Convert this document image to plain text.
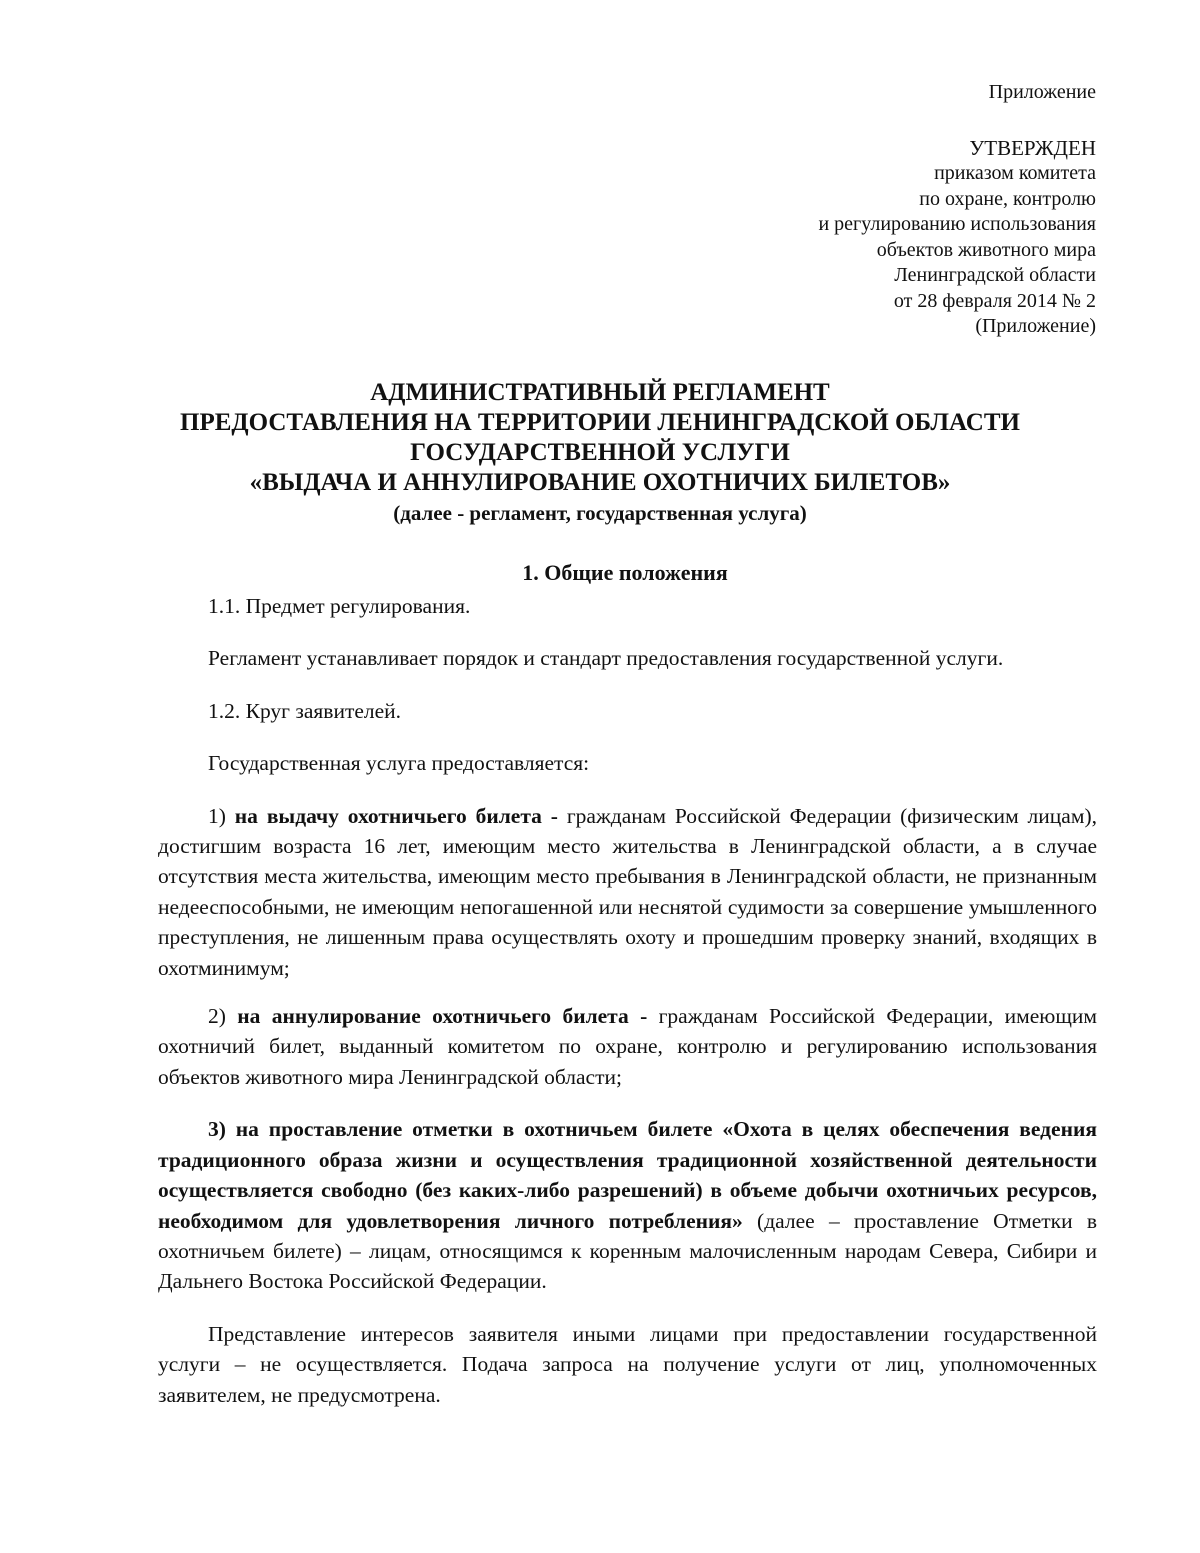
Приложение
УТВЕРЖДЕН
приказом комитета
по охране, контролю
и регулированию использования
объектов животного мира
Ленинградской области
от 28 февраля 2014 № 2
(Приложение)
АДМИНИСТРАТИВНЫЙ РЕГЛАМЕНТ
ПРЕДОСТАВЛЕНИЯ НА ТЕРРИТОРИИ ЛЕНИНГРАДСКОЙ ОБЛАСТИ
ГОСУДАРСТВЕННОЙ УСЛУГИ
«ВЫДАЧА И АННУЛИРОВАНИЕ ОХОТНИЧИХ БИЛЕТОВ»
(далее - регламент, государственная услуга)
1. Общие положения

1.1. Предмет регулирования.

Регламент устанавливает порядок и стандарт предоставления государственной услуги.

1.2. Круг заявителей.

Государственная услуга предоставляется:

1) на выдачу охотничьего билета - гражданам Российской Федерации (физическим лицам), достигшим возраста 16 лет, имеющим место жительства в Ленинградской области, а в случае отсутствия места жительства, имеющим место пребывания в Ленинградской области, не признанным недееспособными, не имеющим непогашенной или неснятой судимости за совершение умышленного преступления, не лишенным права осуществлять охоту и прошедшим проверку знаний, входящих в охотминимум;

2) на аннулирование охотничьего билета - гражданам Российской Федерации, имеющим охотничий билет, выданный комитетом по охране, контролю и регулированию использования объектов животного мира Ленинградской области;

3) на проставление отметки в охотничьем билете «Охота в целях обеспечения ведения традиционного образа жизни и осуществления традиционной хозяйственной деятельности осуществляется свободно (без каких-либо разрешений) в объеме добычи охотничьих ресурсов, необходимом для удовлетворения личного потребления» (далее – проставление Отметки в охотничьем билете) – лицам, относящимся к коренным малочисленным народам Севера, Сибири и Дальнего Востока Российской Федерации.

Представление интересов заявителя иными лицами при предоставлении государственной услуги – не осуществляется. Подача запроса на получение услуги от лиц, уполномоченных заявителем, не предусмотрена.
